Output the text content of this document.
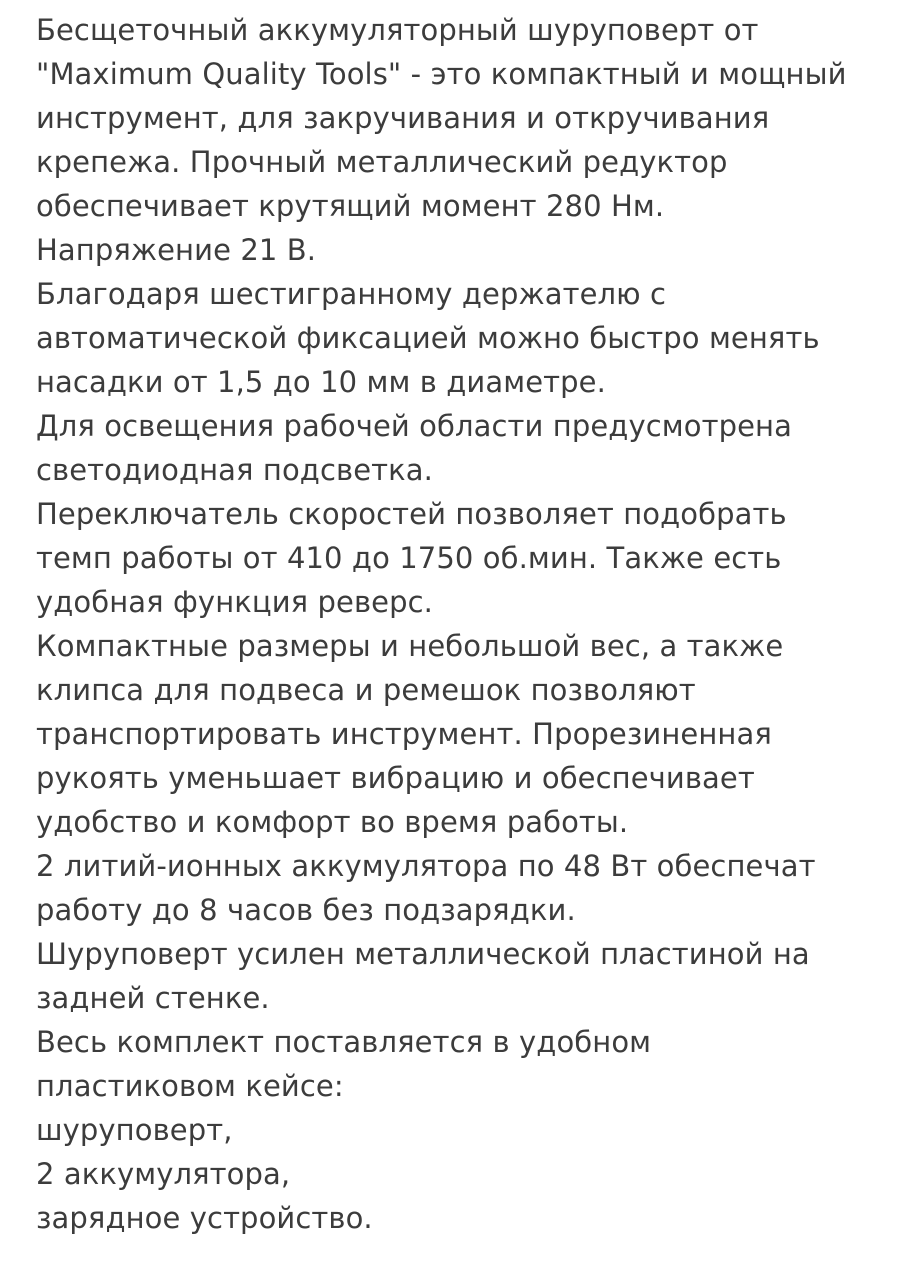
Бесщеточный аккумуляторный шуруповерт от "Maximum Quality Tools" - это компактный и мощный инструмент, для закручивания и откручивания крепежа. Прочный металлический редуктор обеспечивает крутящий момент 280 Нм. Напряжение 21 В.

Благодаря шестигранному держателю с автоматической фиксацией можно быстро менять насадки от 1,5 до 10 мм в диаметре.

Для освещения рабочей области предусмотрена светодиодная подсветка.

Переключатель скоростей позволяет подобрать темп работы от 410 до 1750 об.мин. Также есть удобная функция реверс.

Компактные размеры и небольшой вес, а также клипса для подвеса и ремешок позволяют транспортировать инструмент. Прорезиненная рукоять уменьшает вибрацию и обеспечивает удобство и комфорт во время работы.

2 литий-ионных аккумулятора по 48 Вт обеспечат работу до 8 часов без подзарядки.

Шуруповерт усилен металлической пластиной на задней стенке.

Весь комплект поставляется в удобном пластиковом кейсе:

шуруповерт,

2 аккумулятора,

зарядное устройство.
